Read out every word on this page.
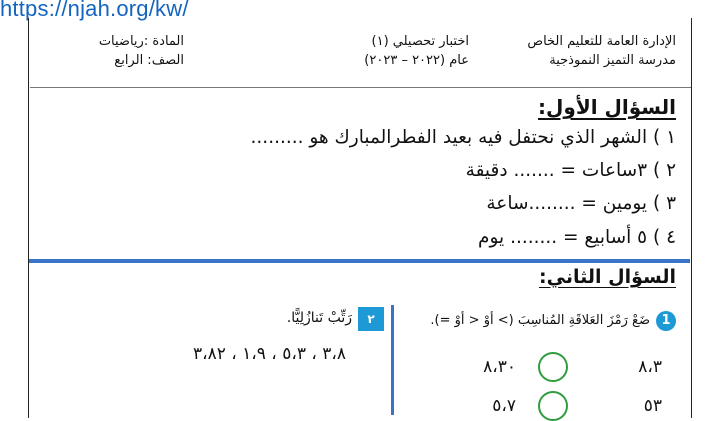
https://njah.org/kw/
الإدارة العامة للتعليم الخاص
مدرسة التميز النموذجية
اختبار تحصيلي (١)
عام (٢٠٢٢ – ٢٠٢٣)
المادة :رياضيات
الصف: الرابع
السؤال الأول:
١ ) الشهر الذي نحتفل فيه بعيد الفطرالمبارك هو .........
٢ ) ٣ساعات = ....... دقيقة
٣ ) يومين = ........ساعة
٤ ) ٥ أسابيع = ........ يوم
السؤال الثاني:
1
ضَعْ رَمْزَ العَلاقَةِ المُناسِبَ (> أوْ < أوْ =).
٨،٣
٨،٣٠
٥٣
٥،٧
٢
رَتِّبْ تَنازُلِيًّا.
٣،٨ ، ٥،٣ ، ١،٩ ، ٣،٨٢
